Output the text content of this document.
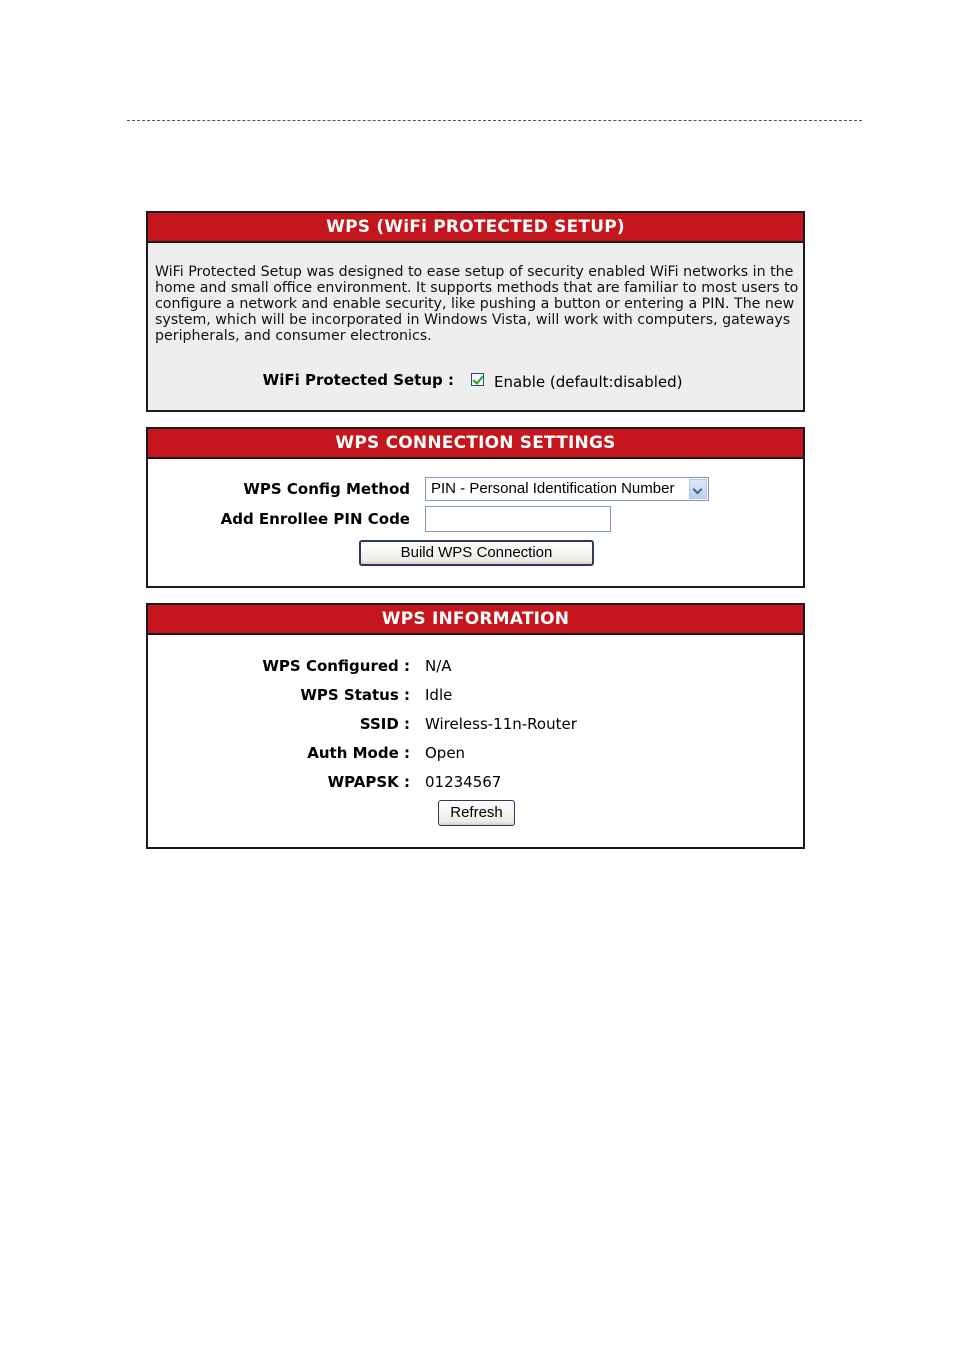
WPS (WiFi PROTECTED SETUP)
WiFi Protected Setup was designed to ease setup of security enabled WiFi networks in the home and small office environment. It supports methods that are familiar to most users to configure a network and enable security, like pushing a button or entering a PIN. The new system, which will be incorporated in Windows Vista, will work with computers, gateways peripherals, and consumer electronics.
WiFi Protected Setup :	Enable (default:disabled)
WPS CONNECTION SETTINGS
WPS Config Method PIN - Personal Identification Number
Add Enrollee PIN Code
Build WPS Connection
WPS INFORMATION
WPS Configured : N/A
WPS Status : Idle
SSID : Wireless-11n-Router
Auth Mode : Open
WPAPSK : 01234567
Refresh
